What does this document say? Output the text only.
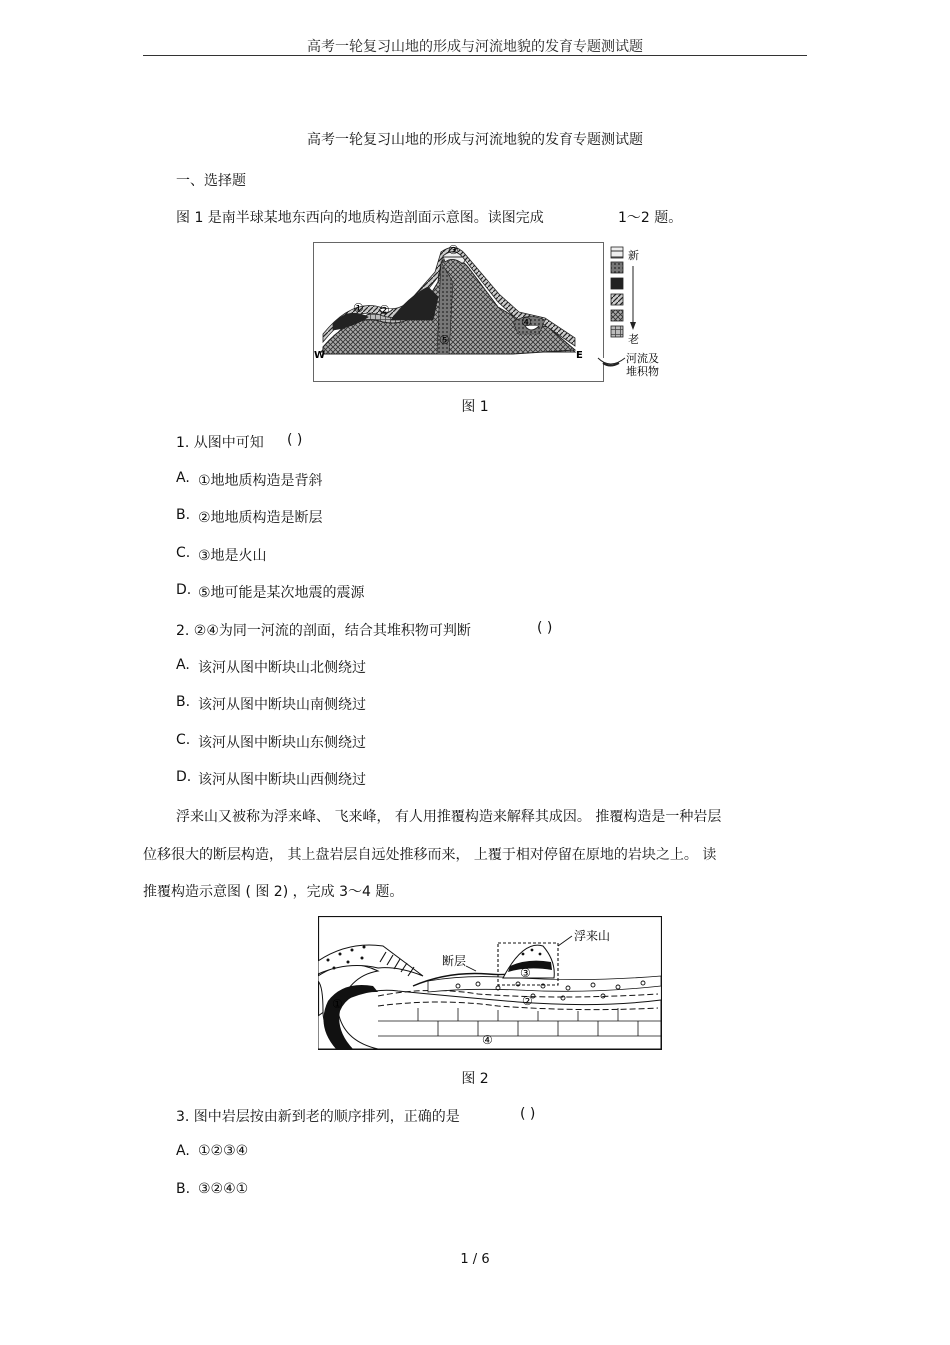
高考一轮复习山地的形成与河流地貌的发育专题测试题
高考一轮复习山地的形成与河流地貌的发育专题测试题
一、选择题
图 1 是南半球某地东西向的地质构造剖面示意图。读图完成	1～2 题。
① ②
③
④
⑤
W	E
新
老
河流及
堆积物
图 1
1. 从图中可知 ( )
A. ①地地质构造是背斜
B. ②地地质构造是断层
C. ③地是火山
D. ⑤地可能是某次地震的震源
2. ②④为同一河流的剖面，结合其堆积物可判断	( )
A. 该河从图中断块山北侧绕过
B. 该河从图中断块山南侧绕过
C. 该河从图中断块山东侧绕过
D. 该河从图中断块山西侧绕过
浮来山又被称为浮来峰、 飞来峰， 有人用推覆构造来解释其成因。 推覆构造是一种岩层
位移很大的断层构造， 其上盘岩层自远处推移而来， 上覆于相对停留在原地的岩块之上。 读
推覆构造示意图 ( 图 2) ，完成 3～4 题。
浮来山
断层
①	②
③
④
图 2
3. 图中岩层按由新到老的顺序排列，正确的是	( )
A. ①②③④
B. ③②④①
1 / 6
